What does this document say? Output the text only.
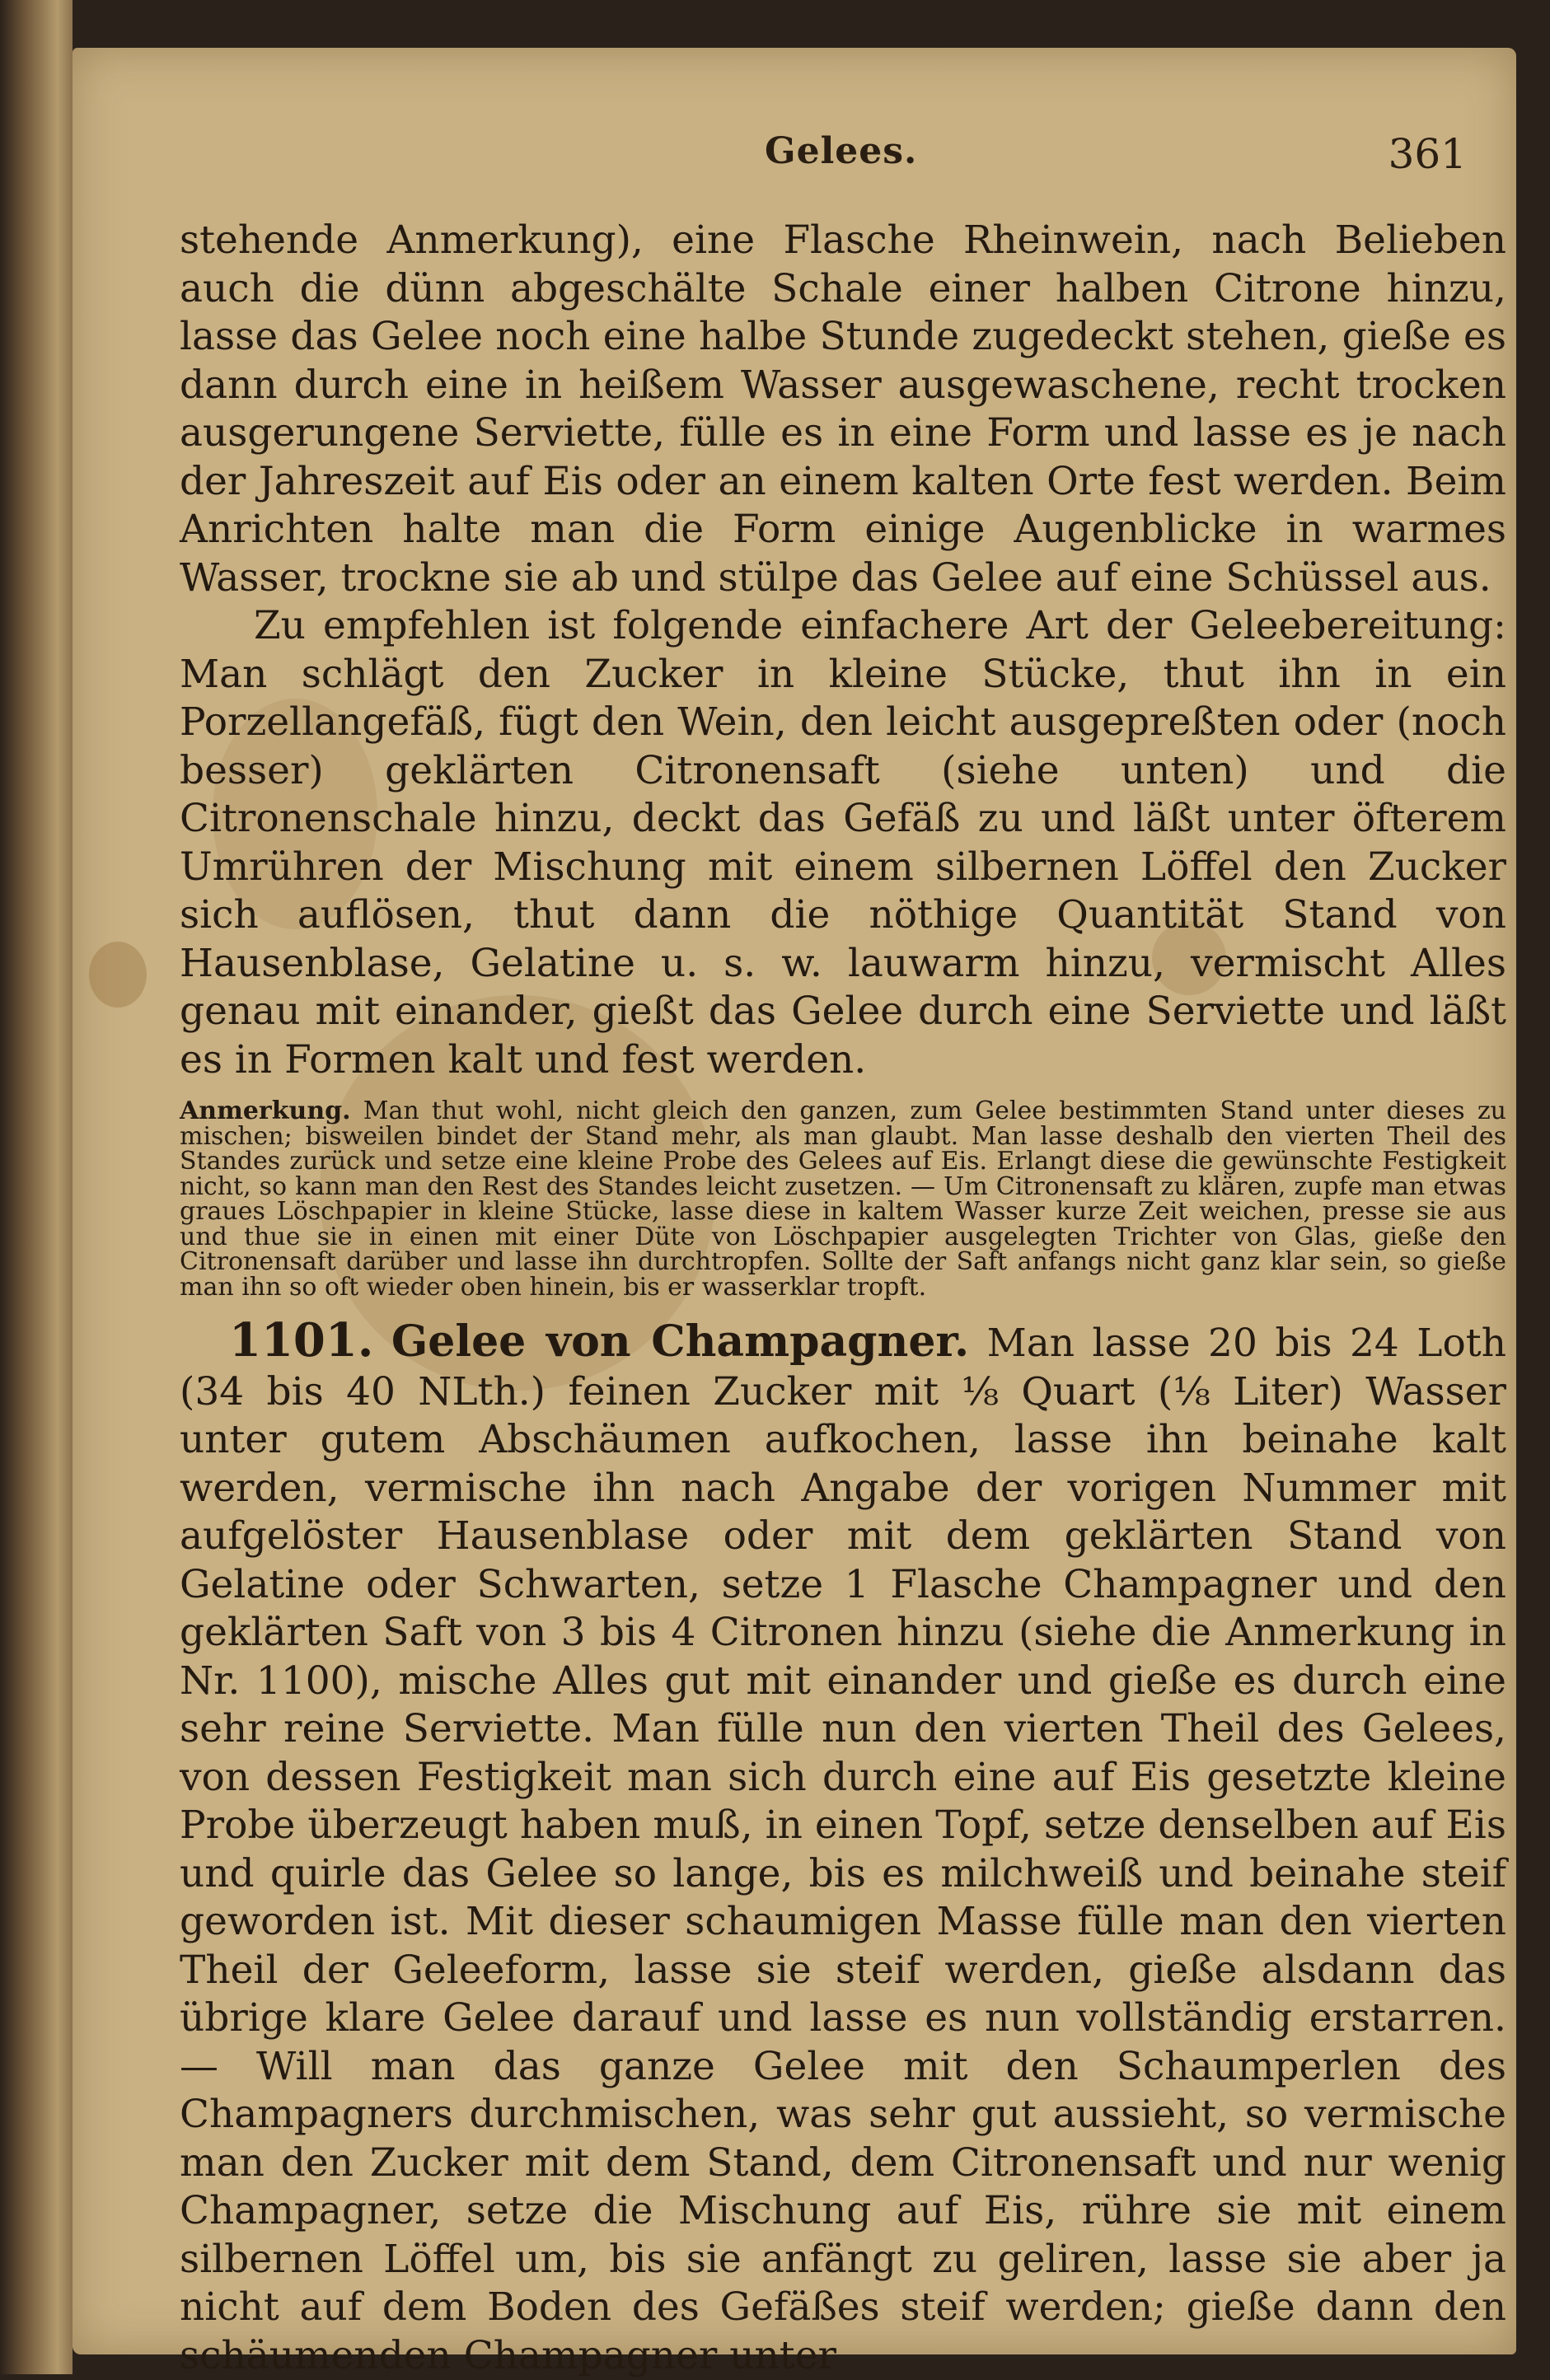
Gelees.	361

stehende Anmerkung), eine Flasche Rheinwein, nach Belieben auch die dünn abgeschälte Schale einer halben Citrone hinzu, lasse das Gelee noch eine halbe Stunde zugedeckt stehen, gieße es dann durch eine in heißem Wasser ausgewaschene, recht trocken ausgerungene Serviette, fülle es in eine Form und lasse es je nach der Jahreszeit auf Eis oder an einem kalten Orte fest werden. Beim Anrichten halte man die Form einige Augenblicke in warmes Wasser, trockne sie ab und stülpe das Gelee auf eine Schüssel aus.

Zu empfehlen ist folgende einfachere Art der Geleebereitung: Man schlägt den Zucker in kleine Stücke, thut ihn in ein Porzellangefäß, fügt den Wein, den leicht ausgepreßten oder (noch besser) geklärten Citronensaft (siehe unten) und die Citronenschale hinzu, deckt das Gefäß zu und läßt unter öfterem Umrühren der Mischung mit einem silbernen Löffel den Zucker sich auflösen, thut dann die nöthige Quantität Stand von Hausenblase, Gelatine u. s. w. lauwarm hinzu, vermischt Alles genau mit einander, gießt das Gelee durch eine Serviette und läßt es in Formen kalt und fest werden.

Anmerkung. Man thut wohl, nicht gleich den ganzen, zum Gelee bestimmten Stand unter dieses zu mischen; bisweilen bindet der Stand mehr, als man glaubt. Man lasse deshalb den vierten Theil des Standes zurück und setze eine kleine Probe des Gelees auf Eis. Erlangt diese die gewünschte Festigkeit nicht, so kann man den Rest des Standes leicht zusetzen. — Um Citronensaft zu klären, zupfe man etwas graues Löschpapier in kleine Stücke, lasse diese in kaltem Wasser kurze Zeit weichen, presse sie aus und thue sie in einen mit einer Düte von Löschpapier ausgelegten Trichter von Glas, gieße den Citronensaft darüber und lasse ihn durchtropfen. Sollte der Saft anfangs nicht ganz klar sein, so gieße man ihn so oft wieder oben hinein, bis er wasserklar tropft.

1101. Gelee von Champagner. Man lasse 20 bis 24 Loth (34 bis 40 NLth.) feinen Zucker mit ⅛ Quart (⅛ Liter) Wasser unter gutem Abschäumen aufkochen, lasse ihn beinahe kalt werden, vermische ihn nach Angabe der vorigen Nummer mit aufgelöster Hausenblase oder mit dem geklärten Stand von Gelatine oder Schwarten, setze 1 Flasche Champagner und den geklärten Saft von 3 bis 4 Citronen hinzu (siehe die Anmerkung in Nr. 1100), mische Alles gut mit einander und gieße es durch eine sehr reine Serviette. Man fülle nun den vierten Theil des Gelees, von dessen Festigkeit man sich durch eine auf Eis gesetzte kleine Probe überzeugt haben muß, in einen Topf, setze denselben auf Eis und quirle das Gelee so lange, bis es milchweiß und beinahe steif geworden ist. Mit dieser schaumigen Masse fülle man den vierten Theil der Geleeform, lasse sie steif werden, gieße alsdann das übrige klare Gelee darauf und lasse es nun vollständig erstarren. — Will man das ganze Gelee mit den Schaumperlen des Champagners durchmischen, was sehr gut aussieht, so vermische man den Zucker mit dem Stand, dem Citronensaft und nur wenig Champagner, setze die Mischung auf Eis, rühre sie mit einem silbernen Löffel um, bis sie anfängt zu geliren, lasse sie aber ja nicht auf dem Boden des Gefäßes steif werden; gieße dann den schäumenden Champagner unter
